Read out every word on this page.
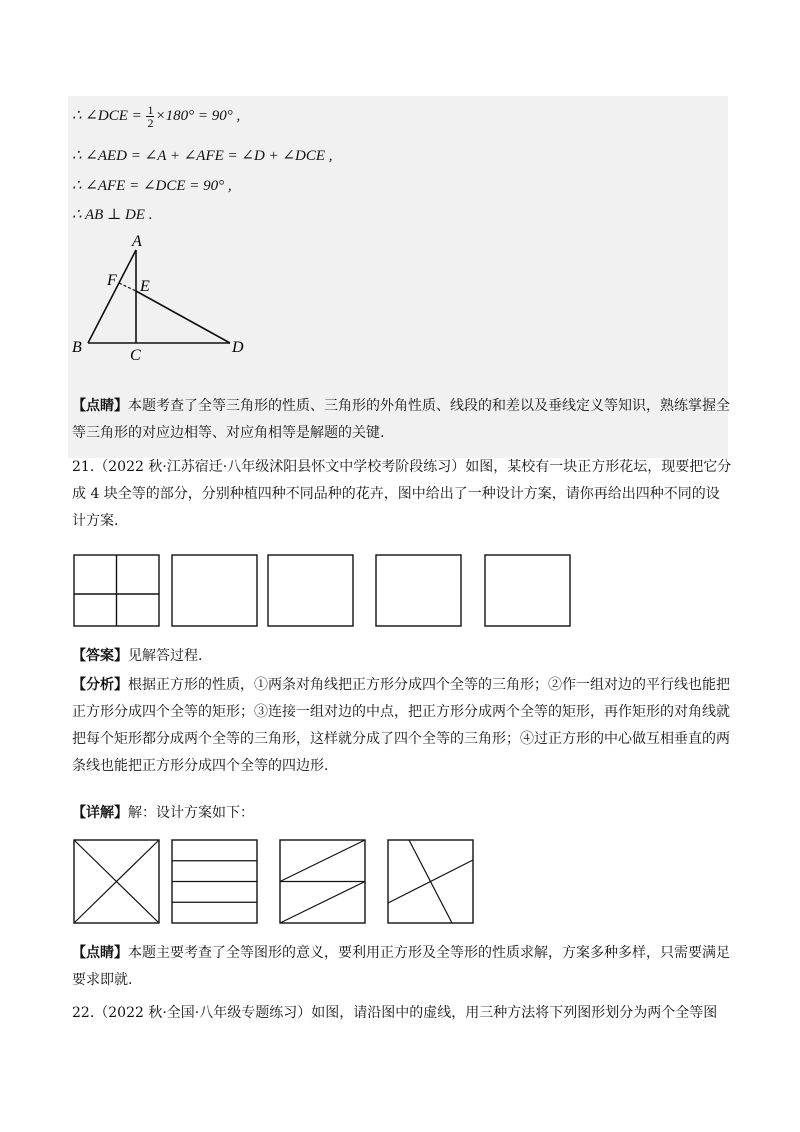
∴ ∠DCE = $\frac{1}{2} \times 180^\circ = 90^\circ$ ,
∴ ∠AED = ∠A + ∠AFE = ∠D + ∠DCE ,
∴ ∠AFE = ∠DCE = 90° ,
∴ AB ⊥ DE .
A
F E
B	C	D
【点睛】本题考查了全等三角形的性质、三角形的外角性质、线段的和差以及垂线定义等知识，熟练掌握全等三角形的对应边相等、对应角相等是解题的关键.
21.（2022 秋·江苏宿迁·八年级沭阳县怀文中学校考阶段练习）如图，某校有一块正方形花坛，现要把它分成 4 块全等的部分，分别种植四种不同品种的花卉，图中给出了一种设计方案，请你再给出四种不同的设计方案.
【答案】见解答过程.
【分析】根据正方形的性质，①两条对角线把正方形分成四个全等的三角形；②作一组对边的平行线也能把正方形分成四个全等的矩形；③连接一组对边的中点，把正方形分成两个全等的矩形，再作矩形的对角线就把每个矩形都分成两个全等的三角形，这样就分成了四个全等的三角形；④过正方形的中心做互相垂直的两条线也能把正方形分成四个全等的四边形.
【详解】解：设计方案如下：
【点睛】本题主要考查了全等图形的意义，要利用正方形及全等形的性质求解，方案多种多样，只需要满足要求即就.
22.（2022 秋·全国·八年级专题练习）如图，请沿图中的虚线，用三种方法将下列图形划分为两个全等图
